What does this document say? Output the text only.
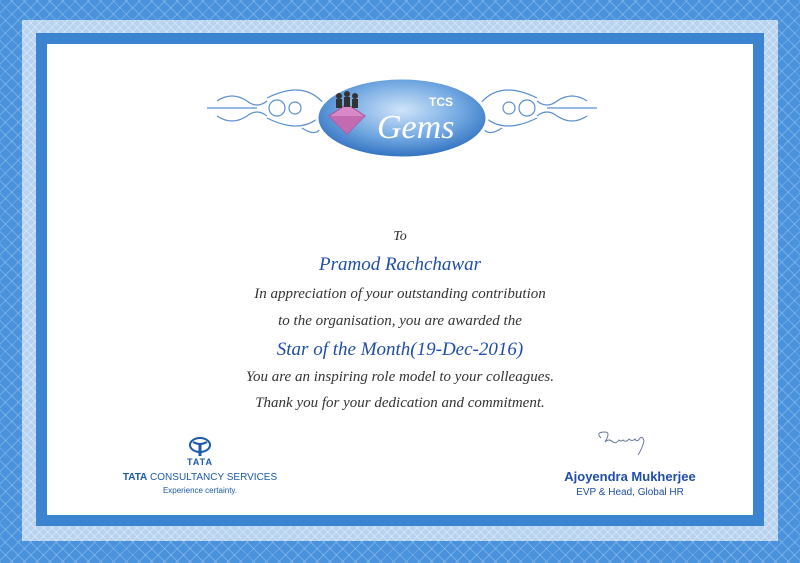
TCS
Gems
To
Pramod Rachchawar
In appreciation of your outstanding contribution
to the organisation, you are awarded the
Star of the Month(19-Dec-2016)
You are an inspiring role model to your colleagues.
Thank you for your dedication and commitment.
TATA
TATA CONSULTANCY SERVICES
Experience certainty.
Ajoyendra Mukherjee
EVP & Head, Global HR
